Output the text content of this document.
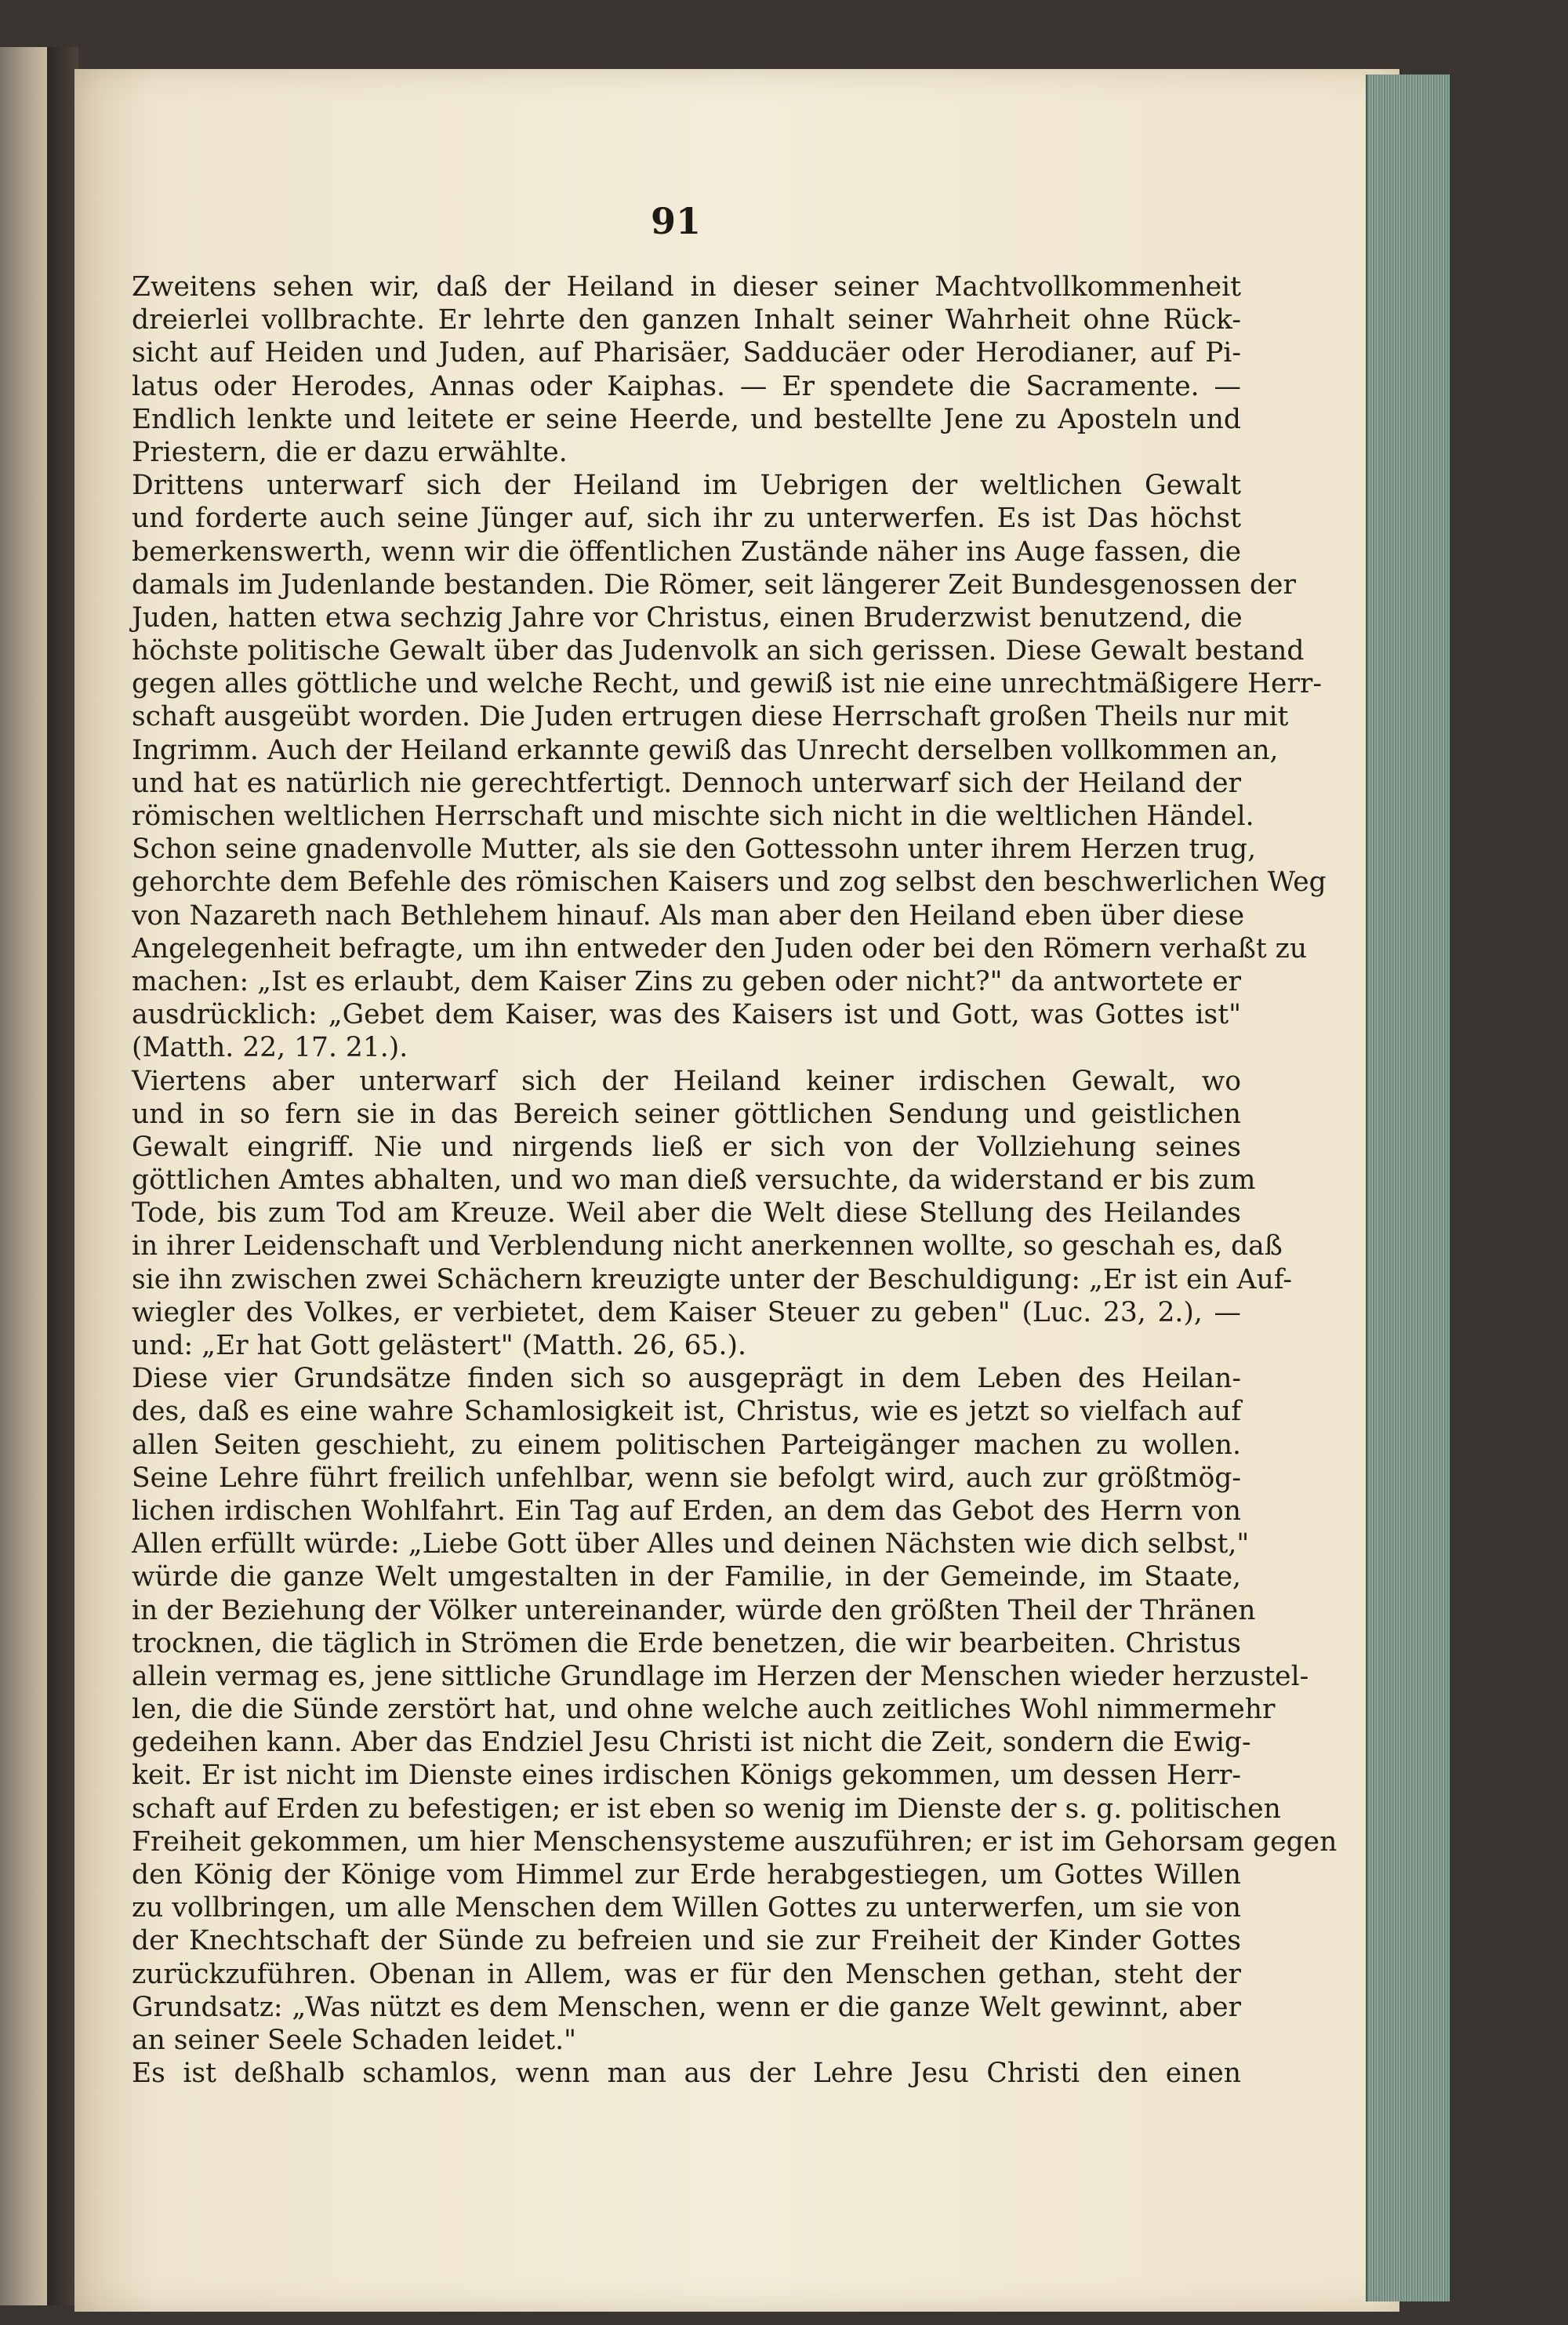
91
Zweitens sehen wir, daß der Heiland in dieser seiner Machtvollkommenheit
dreierlei vollbrachte. Er lehrte den ganzen Inhalt seiner Wahrheit ohne Rück-
sicht auf Heiden und Juden, auf Pharisäer, Sadducäer oder Herodianer, auf Pi-
latus oder Herodes, Annas oder Kaiphas. — Er spendete die Sacramente. —
Endlich lenkte und leitete er seine Heerde, und bestellte Jene zu Aposteln und
Priestern, die er dazu erwählte.
Drittens unterwarf sich der Heiland im Uebrigen der weltlichen Gewalt
und forderte auch seine Jünger auf, sich ihr zu unterwerfen. Es ist Das höchst
bemerkenswerth, wenn wir die öffentlichen Zustände näher ins Auge fassen, die
damals im Judenlande bestanden. Die Römer, seit längerer Zeit Bundesgenossen der
Juden, hatten etwa sechzig Jahre vor Christus, einen Bruderzwist benutzend, die
höchste politische Gewalt über das Judenvolk an sich gerissen. Diese Gewalt bestand
gegen alles göttliche und welche Recht, und gewiß ist nie eine unrechtmäßigere Herr-
schaft ausgeübt worden. Die Juden ertrugen diese Herrschaft großen Theils nur mit
Ingrimm. Auch der Heiland erkannte gewiß das Unrecht derselben vollkommen an,
und hat es natürlich nie gerechtfertigt. Dennoch unterwarf sich der Heiland der
römischen weltlichen Herrschaft und mischte sich nicht in die weltlichen Händel.
Schon seine gnadenvolle Mutter, als sie den Gottessohn unter ihrem Herzen trug,
gehorchte dem Befehle des römischen Kaisers und zog selbst den beschwerlichen Weg
von Nazareth nach Bethlehem hinauf. Als man aber den Heiland eben über diese
Angelegenheit befragte, um ihn entweder den Juden oder bei den Römern verhaßt zu
machen: „Ist es erlaubt, dem Kaiser Zins zu geben oder nicht?" da antwortete er
ausdrücklich: „Gebet dem Kaiser, was des Kaisers ist und Gott, was Gottes ist"
(Matth. 22, 17. 21.).
Viertens aber unterwarf sich der Heiland keiner irdischen Gewalt, wo
und in so fern sie in das Bereich seiner göttlichen Sendung und geistlichen
Gewalt eingriff. Nie und nirgends ließ er sich von der Vollziehung seines
göttlichen Amtes abhalten, und wo man dieß versuchte, da widerstand er bis zum
Tode, bis zum Tod am Kreuze. Weil aber die Welt diese Stellung des Heilandes
in ihrer Leidenschaft und Verblendung nicht anerkennen wollte, so geschah es, daß
sie ihn zwischen zwei Schächern kreuzigte unter der Beschuldigung: „Er ist ein Auf-
wiegler des Volkes, er verbietet, dem Kaiser Steuer zu geben" (Luc. 23, 2.), —
und: „Er hat Gott gelästert" (Matth. 26, 65.).
Diese vier Grundsätze finden sich so ausgeprägt in dem Leben des Heilan-
des, daß es eine wahre Schamlosigkeit ist, Christus, wie es jetzt so vielfach auf
allen Seiten geschieht, zu einem politischen Parteigänger machen zu wollen.
Seine Lehre führt freilich unfehlbar, wenn sie befolgt wird, auch zur größtmög-
lichen irdischen Wohlfahrt. Ein Tag auf Erden, an dem das Gebot des Herrn von
Allen erfüllt würde: „Liebe Gott über Alles und deinen Nächsten wie dich selbst,"
würde die ganze Welt umgestalten in der Familie, in der Gemeinde, im Staate,
in der Beziehung der Völker untereinander, würde den größten Theil der Thränen
trocknen, die täglich in Strömen die Erde benetzen, die wir bearbeiten. Christus
allein vermag es, jene sittliche Grundlage im Herzen der Menschen wieder herzustel-
len, die die Sünde zerstört hat, und ohne welche auch zeitliches Wohl nimmermehr
gedeihen kann. Aber das Endziel Jesu Christi ist nicht die Zeit, sondern die Ewig-
keit. Er ist nicht im Dienste eines irdischen Königs gekommen, um dessen Herr-
schaft auf Erden zu befestigen; er ist eben so wenig im Dienste der s. g. politischen
Freiheit gekommen, um hier Menschensysteme auszuführen; er ist im Gehorsam gegen
den König der Könige vom Himmel zur Erde herabgestiegen, um Gottes Willen
zu vollbringen, um alle Menschen dem Willen Gottes zu unterwerfen, um sie von
der Knechtschaft der Sünde zu befreien und sie zur Freiheit der Kinder Gottes
zurückzuführen. Obenan in Allem, was er für den Menschen gethan, steht der
Grundsatz: „Was nützt es dem Menschen, wenn er die ganze Welt gewinnt, aber
an seiner Seele Schaden leidet."
Es ist deßhalb schamlos, wenn man aus der Lehre Jesu Christi den einen
